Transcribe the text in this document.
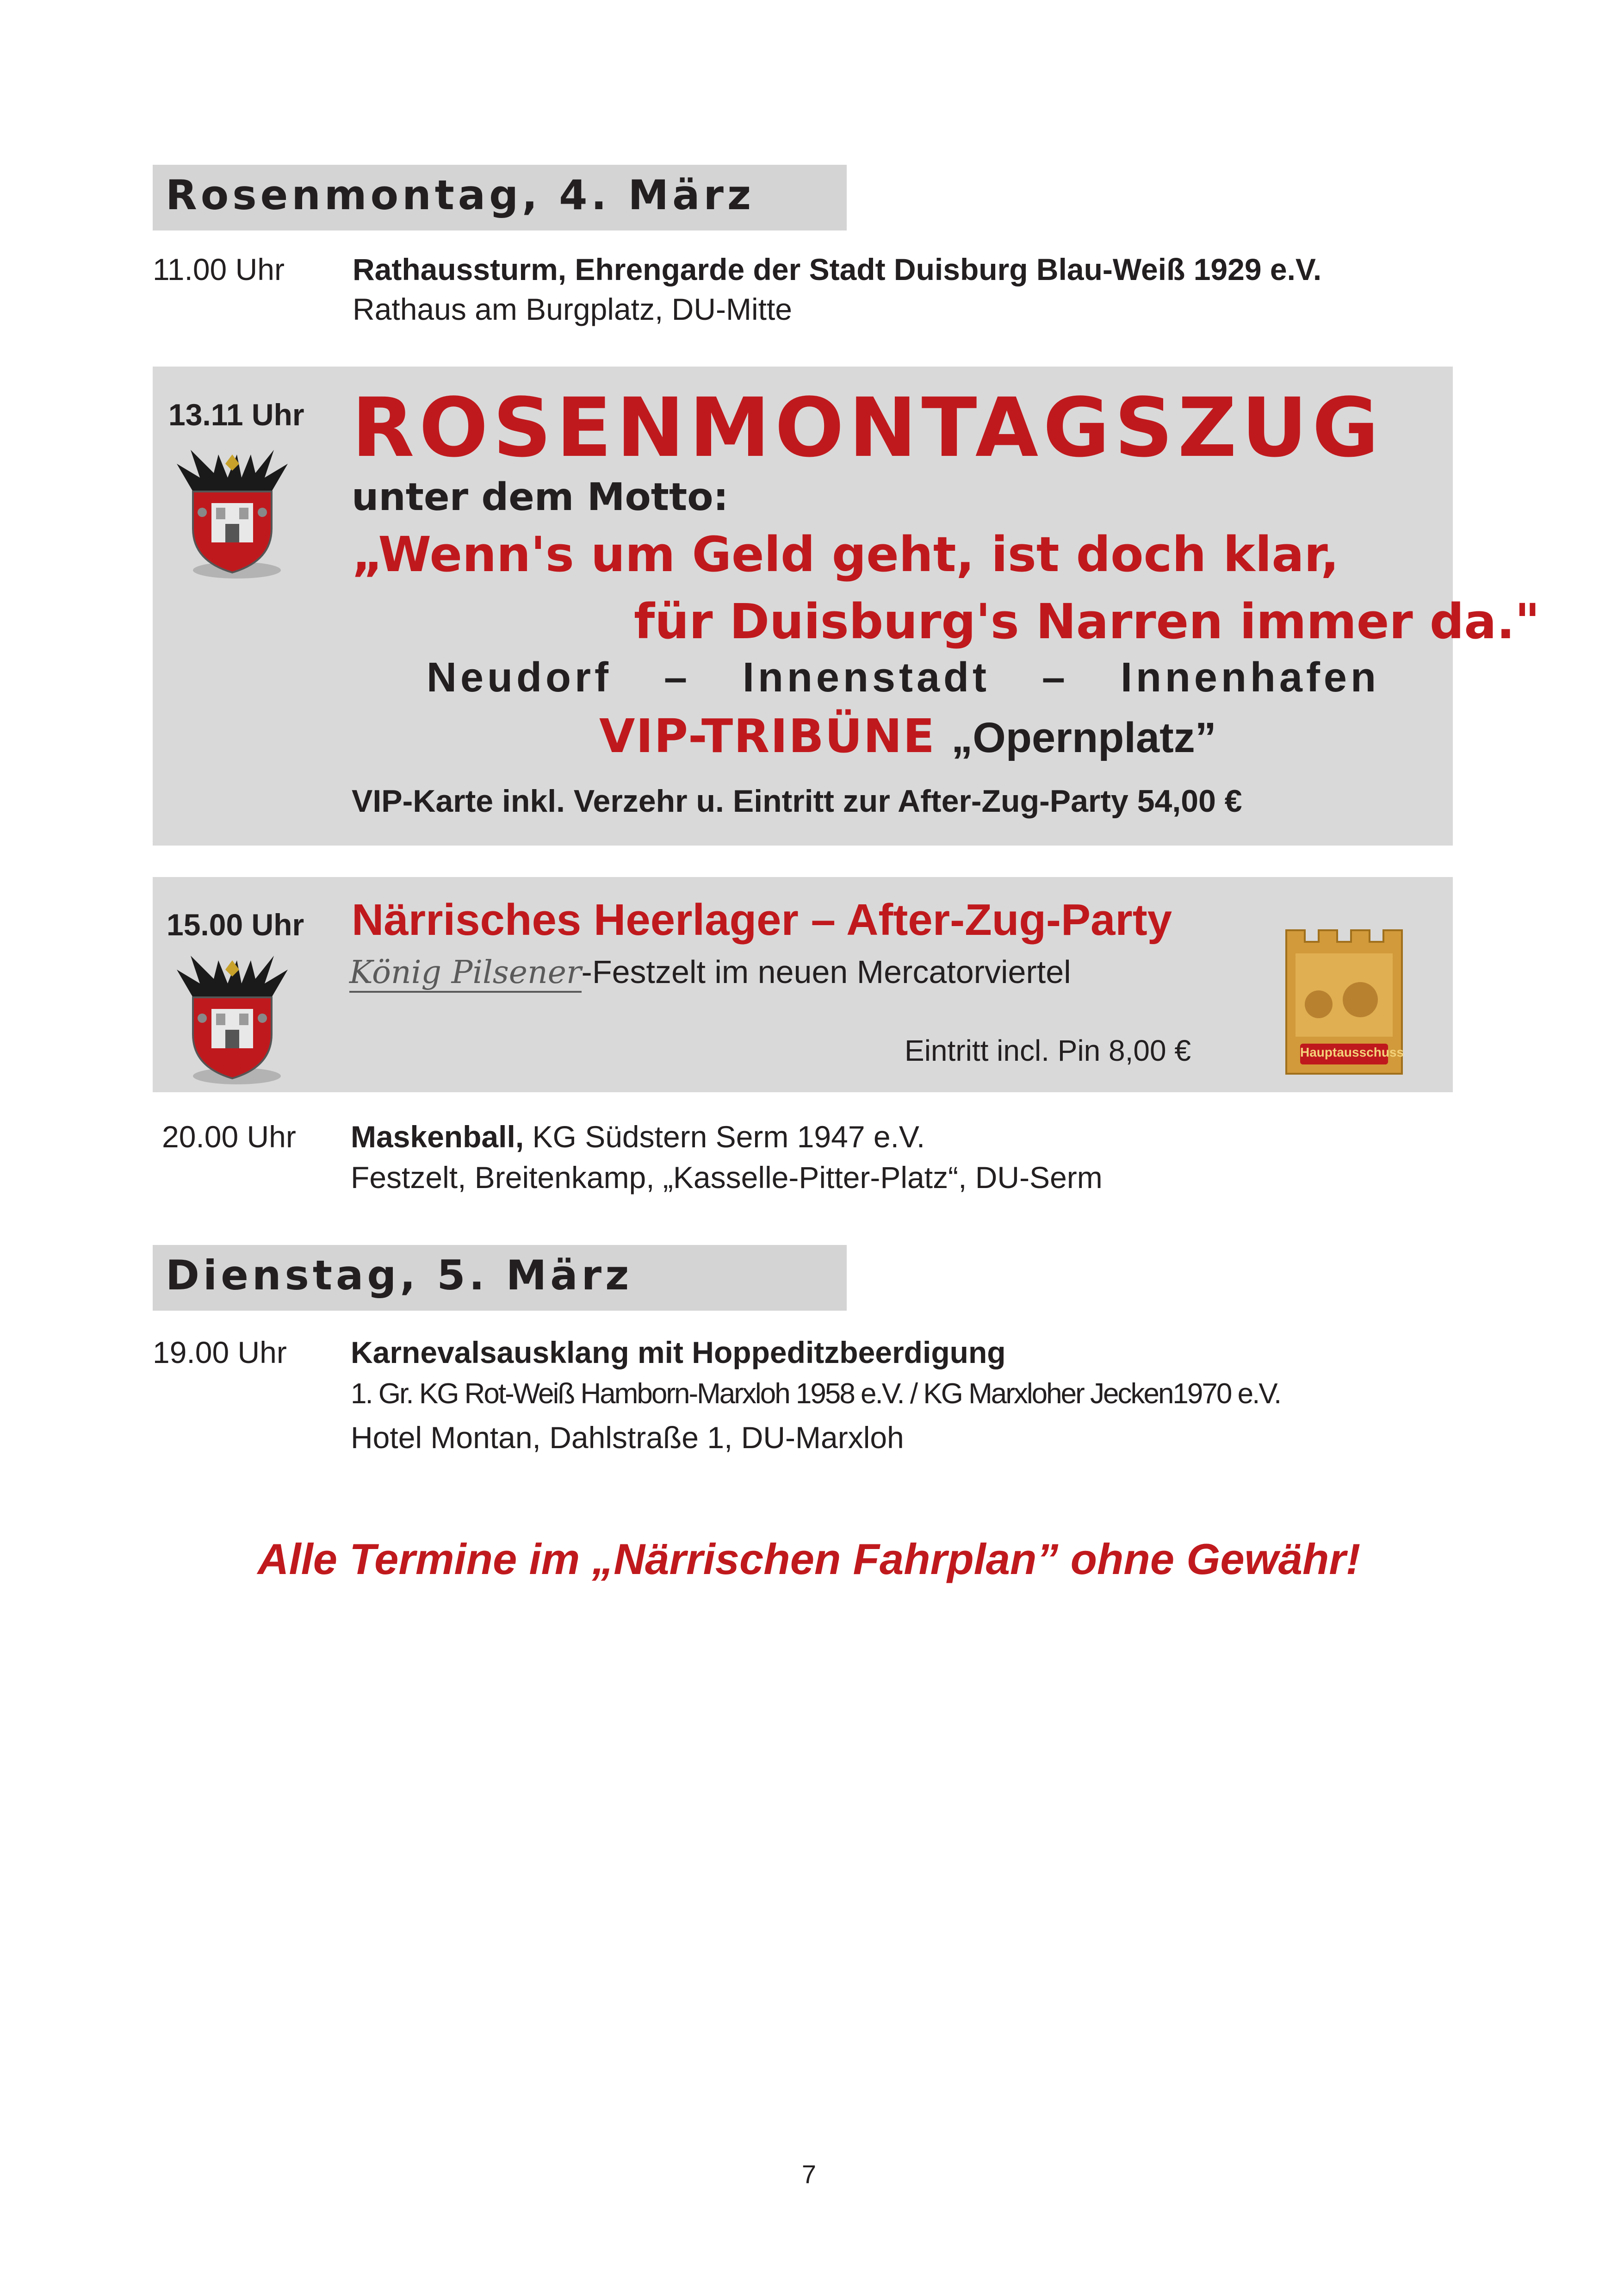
Rosenmontag, 4. März
11.00 Uhr Rathaussturm, Ehrengarde der Stadt Duisburg Blau-Weiß 1929 e.V.
Rathaus am Burgplatz, DU-Mitte
13.11 Uhr ROSENMONTAGSZUG
unter dem Motto:
„Wenn's um Geld geht, ist doch klar,
für Duisburg's Narren immer da."
Neudorf – Innenstadt – Innenhafen
VIP-TRIBÜNE „Opernplatz”
VIP-Karte inkl. Verzehr u. Eintritt zur After-Zug-Party 54,00 €
15.00 Uhr Närrisches Heerlager – After-Zug-Party
König Pilsener-Festzelt im neuen Mercatorviertel
Eintritt incl. Pin 8,00 €	Hauptausschuss
20.00 Uhr Maskenball, KG Südstern Serm 1947 e.V.
Festzelt, Breitenkamp, „Kasselle-Pitter-Platz“, DU-Serm
Dienstag, 5. März
19.00 Uhr Karnevalsausklang mit Hoppeditzbeerdigung
1. Gr. KG Rot-Weiß Hamborn-Marxloh 1958 e.V. / KG Marxloher Jecken1970 e.V.
Hotel Montan, Dahlstraße 1, DU-Marxloh
Alle Termine im „Närrischen Fahrplan” ohne Gewähr!
7
